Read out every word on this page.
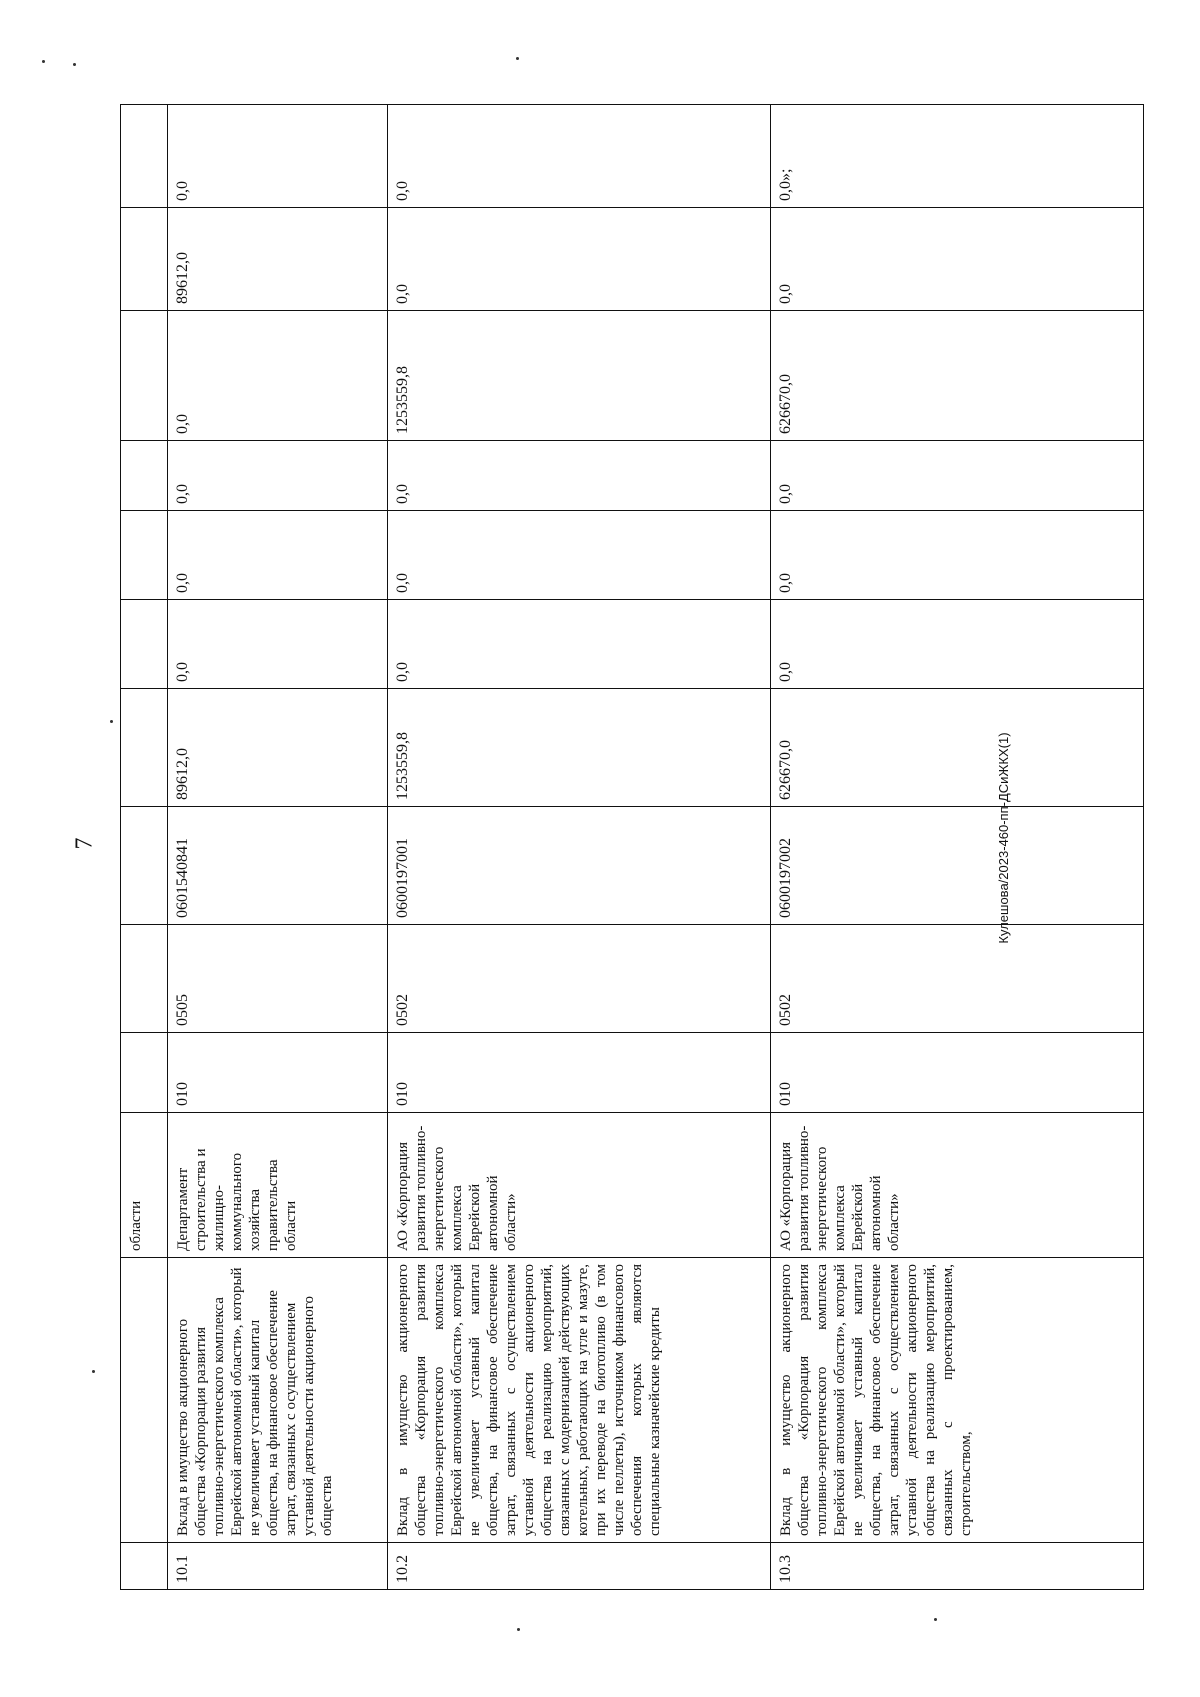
7	Кулешова/2023-460-пп-ДСиЖКХ(1)
		области										
10.1	Вклад в имущество акционерного общества «Корпорация развития топливно-энергетического комплекса Еврейской автономной области», который не увеличивает уставный капитал общества, на финансовое обеспечение затрат, связанных с осуществлением уставной деятельности акционерного общества	Департамент строительства и жилищно-коммунального хозяйства правительства области	010	0505	0601540841	89612,0	0,0	0,0	0,0	0,0	89612,0	0,0
10.2	Вклад в имущество акционерного общества «Корпорация развития топливно-энергетического комплекса Еврейской автономной области», который не увеличивает уставный капитал общества, на финансовое обеспечение затрат, связанных с осуществлением уставной деятельности акционерного общества на реализацию мероприятий, связанных с модернизацией действующих котельных, работающих на угле и мазуте, при их переводе на биотопливо (в том числе пеллеты), источником финансового обеспечения которых являются специальные казначейские кредиты	АО «Корпорация развития топливно-энергетического комплекса Еврейской автономной области»	010	0502	0600197001	1253559,8	0,0	0,0	0,0	1253559,8	0,0	0,0
10.3	Вклад в имущество акционерного общества «Корпорация развития топливно-энергетического комплекса Еврейской автономной области», который не увеличивает уставный капитал общества, на финансовое обеспечение затрат, связанных с осуществлением уставной деятельности акционерного общества на реализацию мероприятий, связанных с проектированием, строительством,	АО «Корпорация развития топливно-энергетического комплекса Еврейской автономной области»	010	0502	0600197002	626670,0	0,0	0,0	0,0	626670,0	0,0	0,0»;
